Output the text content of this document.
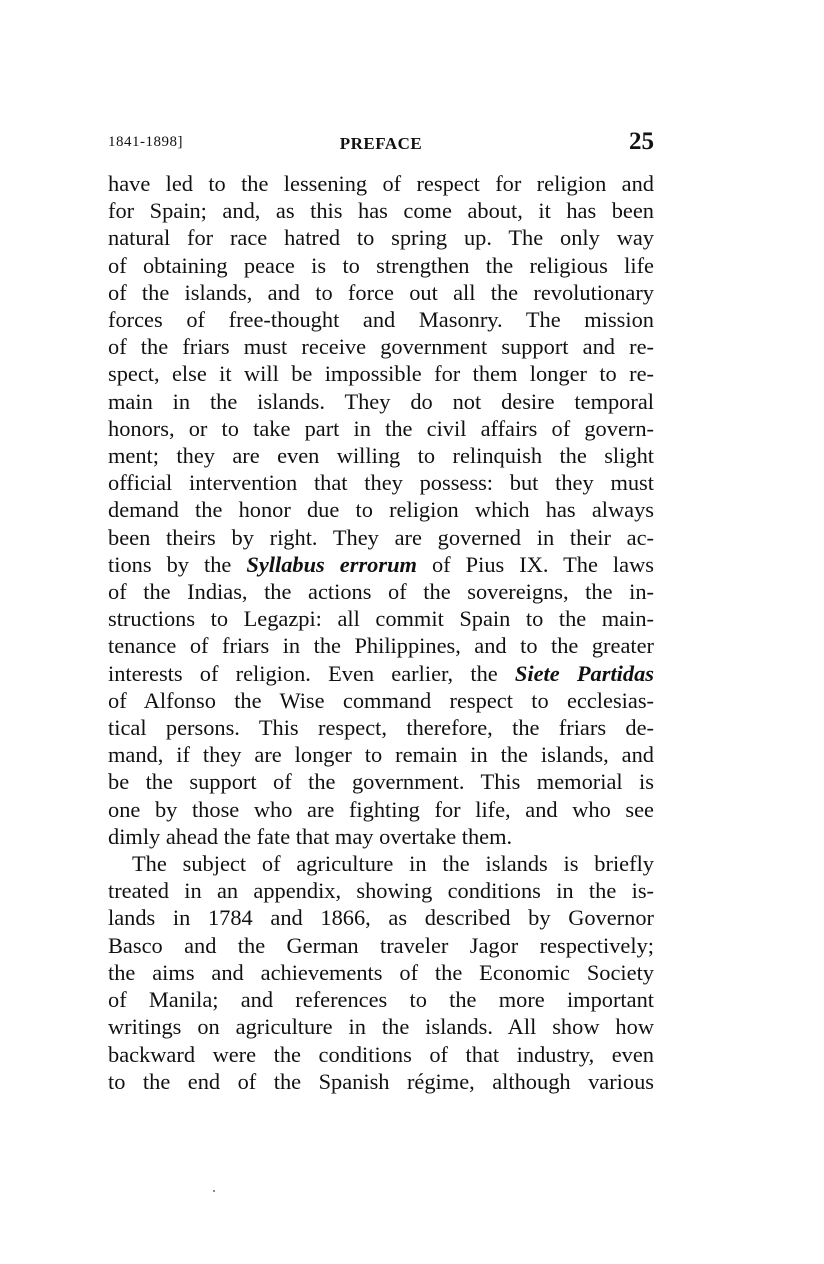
1841-1898]	PREFACE	25
have led to the lessening of respect for religion and
for Spain; and, as this has come about, it has been
natural for race hatred to spring up. The only way
of obtaining peace is to strengthen the religious life
of the islands, and to force out all the revolutionary
forces of free-thought and Masonry. The mission
of the friars must receive government support and re-
spect, else it will be impossible for them longer to re-
main in the islands. They do not desire temporal
honors, or to take part in the civil affairs of govern-
ment; they are even willing to relinquish the slight
official intervention that they possess: but they must
demand the honor due to religion which has always
been theirs by right. They are governed in their ac-
tions by the Syllabus errorum of Pius IX. The laws
of the Indias, the actions of the sovereigns, the in-
structions to Legazpi: all commit Spain to the main-
tenance of friars in the Philippines, and to the greater
interests of religion. Even earlier, the Siete Partidas
of Alfonso the Wise command respect to ecclesias-
tical persons. This respect, therefore, the friars de-
mand, if they are longer to remain in the islands, and
be the support of the government. This memorial is
one by those who are fighting for life, and who see
dimly ahead the fate that may overtake them.
The subject of agriculture in the islands is briefly
treated in an appendix, showing conditions in the is-
lands in 1784 and 1866, as described by Governor
Basco and the German traveler Jagor respectively;
the aims and achievements of the Economic Society
of Manila; and references to the more important
writings on agriculture in the islands. All show how
backward were the conditions of that industry, even
to the end of the Spanish régime, although various
